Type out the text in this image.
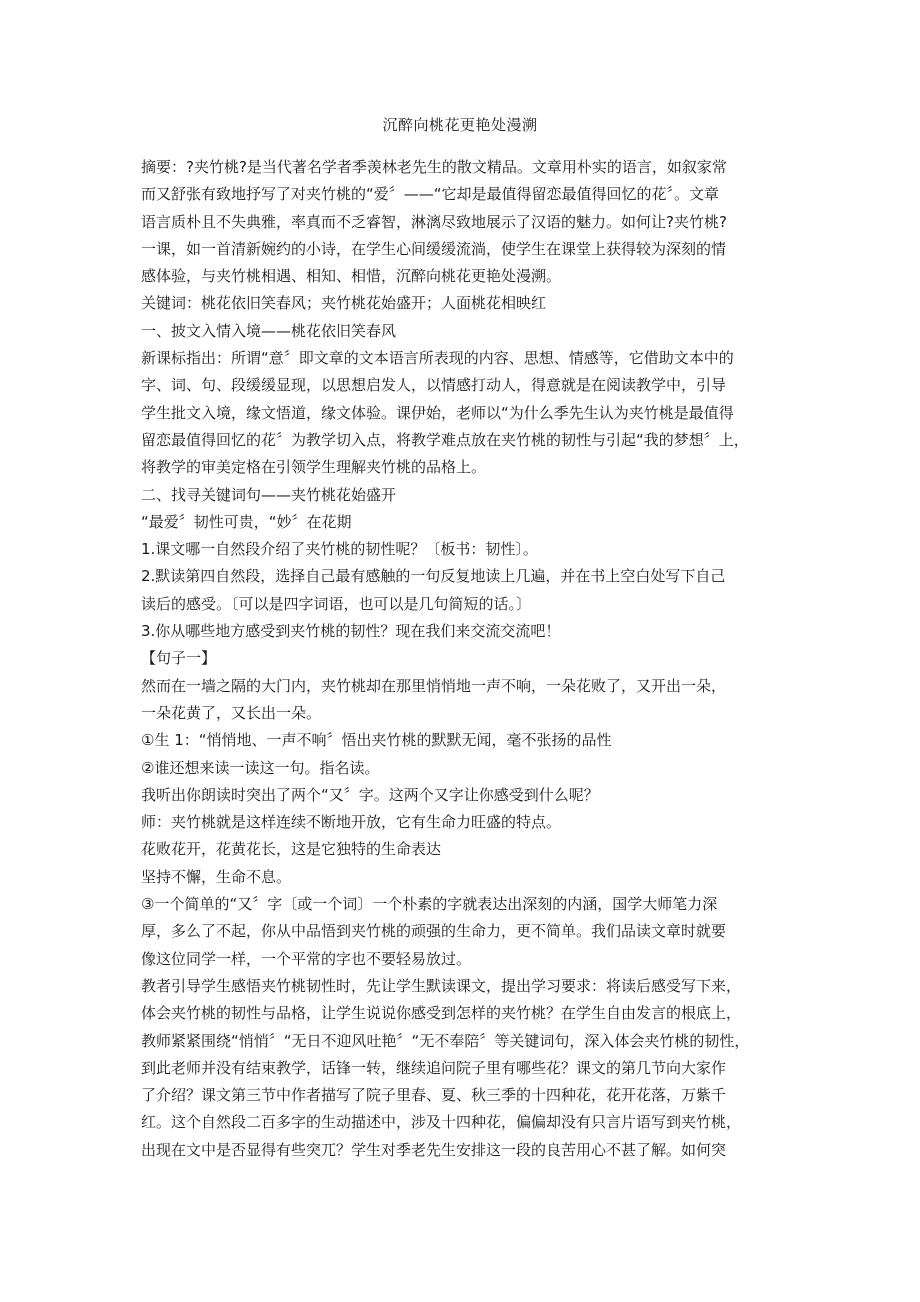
沉醉向桃花更艳处漫溯
摘要：?夹竹桃?是当代著名学者季羡林老先生的散文精品。文章用朴实的语言，如叙家常
而又舒张有致地抒写了对夹竹桃的“爱〞——“它却是最值得留恋最值得回忆的花〞。文章
语言质朴且不失典雅，率真而不乏睿智，淋漓尽致地展示了汉语的魅力。如何让?夹竹桃?
一课，如一首清新婉约的小诗，在学生心间缓缓流淌，使学生在课堂上获得较为深刻的情
感体验，与夹竹桃相遇、相知、相惜，沉醉向桃花更艳处漫溯。
关键词：桃花依旧笑春风；夹竹桃花始盛开；人面桃花相映红
一、披文入情入境——桃花依旧笑春风
新课标指出：所谓“意〞即文章的文本语言所表现的内容、思想、情感等，它借助文本中的
字、词、句、段缓缓显现，以思想启发人，以情感打动人，得意就是在阅读教学中，引导
学生批文入境，缘文悟道，缘文体验。课伊始，老师以“为什么季先生认为夹竹桃是最值得
留恋最值得回忆的花〞为教学切入点，将教学难点放在夹竹桃的韧性与引起“我的梦想〞上，
将教学的审美定格在引领学生理解夹竹桃的品格上。
二、找寻关键词句——夹竹桃花始盛开
“最爱〞韧性可贵，“妙〞在花期
1.课文哪一自然段介绍了夹竹桃的韧性呢？〔板书：韧性〕。
2.默读第四自然段，选择自己最有感触的一句反复地读上几遍，并在书上空白处写下自己
读后的感受。〔可以是四字词语，也可以是几句简短的话。〕
3.你从哪些地方感受到夹竹桃的韧性？现在我们来交流交流吧！
【句子一】
然而在一墙之隔的大门内，夹竹桃却在那里悄悄地一声不响，一朵花败了，又开出一朵，
一朵花黄了，又长出一朵。
①生 1：“悄悄地、一声不响〞悟出夹竹桃的默默无闻，毫不张扬的品性
②谁还想来读一读这一句。指名读。
我听出你朗读时突出了两个“又〞字。这两个又字让你感受到什么呢？
师：夹竹桃就是这样连续不断地开放，它有生命力旺盛的特点。
花败花开，花黄花长，这是它独特的生命表达
坚持不懈，生命不息。
③一个简单的“又〞字〔或一个词〕一个朴素的字就表达出深刻的内涵，国学大师笔力深
厚，多么了不起，你从中品悟到夹竹桃的顽强的生命力，更不简单。我们品读文章时就要
像这位同学一样，一个平常的字也不要轻易放过。
教者引导学生感悟夹竹桃韧性时，先让学生默读课文，提出学习要求：将读后感受写下来，
体会夹竹桃的韧性与品格，让学生说说你感受到怎样的夹竹桃？在学生自由发言的根底上，
教师紧紧围绕“悄悄〞“无日不迎风吐艳〞“无不奉陪〞等关键词句，深入体会夹竹桃的韧性，
到此老师并没有结束教学，话锋一转，继续追问院子里有哪些花？课文的第几节向大家作
了介绍？课文第三节中作者描写了院子里春、夏、秋三季的十四种花，花开花落，万紫千
红。这个自然段二百多字的生动描述中，涉及十四种花，偏偏却没有只言片语写到夹竹桃，
出现在文中是否显得有些突兀？学生对季老先生安排这一段的良苦用心不甚了解。如何突
